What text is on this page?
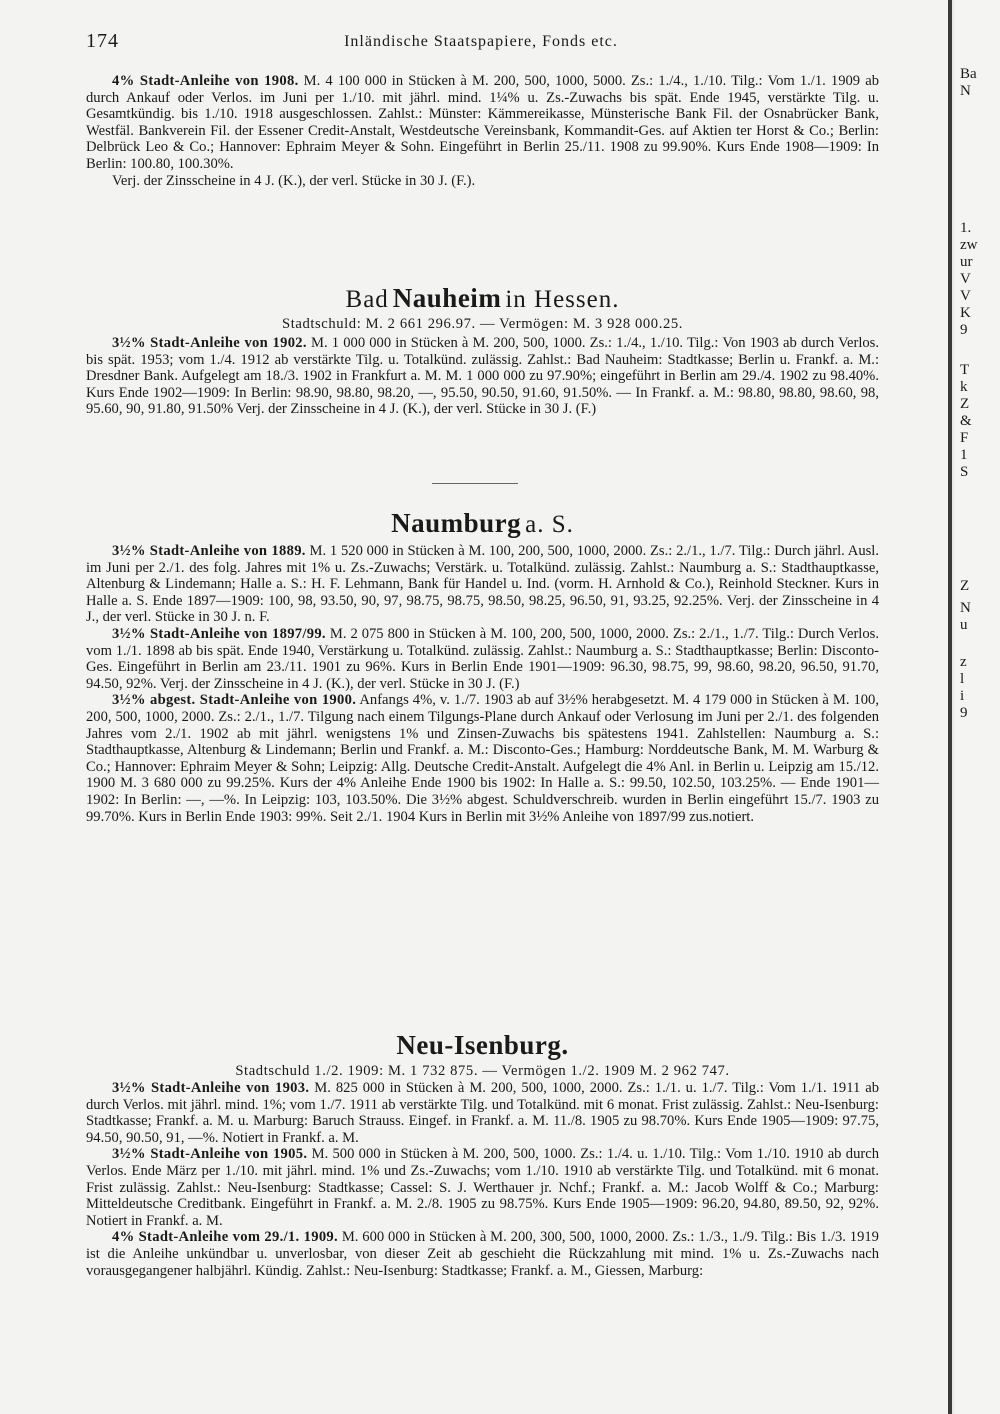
174	Inländische Staatspapiere, Fonds etc.

4% Stadt-Anleihe von 1908. M. 4 100 000 in Stücken à M. 200, 500, 1000, 5000. Zs.: 1./4., 1./10. Tilg.: Vom 1./1. 1909 ab durch Ankauf oder Verlos. im Juni per 1./10. mit jährl. mind. 1¼% u. Zs.-Zuwachs bis spät. Ende 1945, verstärkte Tilg. u. Gesamtkündig. bis 1./10. 1918 ausgeschlossen. Zahlst.: Münster: Kämmereikasse, Münsterische Bank Fil. der Osnabrücker Bank, Westfäl. Bankverein Fil. der Essener Credit-Anstalt, Westdeutsche Vereinsbank, Kommandit-Ges. auf Aktien ter Horst & Co.; Berlin: Delbrück Leo & Co.; Hannover: Ephraim Meyer & Sohn. Eingeführt in Berlin 25./11. 1908 zu 99.90%. Kurs Ende 1908—1909: In Berlin: 100.80, 100.30%.

Verj. der Zinsscheine in 4 J. (K.), der verl. Stücke in 30 J. (F.).

Bad Nauheim in Hessen.
Stadtschuld: M. 2 661 296.97. — Vermögen: M. 3 928 000.25.

3½% Stadt-Anleihe von 1902. M. 1 000 000 in Stücken à M. 200, 500, 1000. Zs.: 1./4., 1./10. Tilg.: Von 1903 ab durch Verlos. bis spät. 1953; vom 1./4. 1912 ab verstärkte Tilg. u. Totalkünd. zulässig. Zahlst.: Bad Nauheim: Stadtkasse; Berlin u. Frankf. a. M.: Dresdner Bank. Aufgelegt am 18./3. 1902 in Frankfurt a. M. M. 1 000 000 zu 97.90%; eingeführt in Berlin am 29./4. 1902 zu 98.40%. Kurs Ende 1902—1909: In Berlin: 98.90, 98.80, 98.20, —, 95.50, 90.50, 91.60, 91.50%. — In Frankf. a. M.: 98.80, 98.80, 98.60, 98, 95.60, 90, 91.80, 91.50% Verj. der Zinsscheine in 4 J. (K.), der verl. Stücke in 30 J. (F.)

Naumburg a. S.

3½% Stadt-Anleihe von 1889. M. 1 520 000 in Stücken à M. 100, 200, 500, 1000, 2000. Zs.: 2./1., 1./7. Tilg.: Durch jährl. Ausl. im Juni per 2./1. des folg. Jahres mit 1% u. Zs.-Zuwachs; Verstärk. u. Totalkünd. zulässig. Zahlst.: Naumburg a. S.: Stadthauptkasse, Altenburg & Lindemann; Halle a. S.: H. F. Lehmann, Bank für Handel u. Ind. (vorm. H. Arnhold & Co.), Reinhold Steckner. Kurs in Halle a. S. Ende 1897—1909: 100, 98, 93.50, 90, 97, 98.75, 98.75, 98.50, 98.25, 96.50, 91, 93.25, 92.25%. Verj. der Zinsscheine in 4 J., der verl. Stücke in 30 J. n. F.

3½% Stadt-Anleihe von 1897/99. M. 2 075 800 in Stücken à M. 100, 200, 500, 1000, 2000. Zs.: 2./1., 1./7. Tilg.: Durch Verlos. vom 1./1. 1898 ab bis spät. Ende 1940, Verstärkung u. Totalkünd. zulässig. Zahlst.: Naumburg a. S.: Stadthauptkasse; Berlin: Disconto-Ges. Eingeführt in Berlin am 23./11. 1901 zu 96%. Kurs in Berlin Ende 1901—1909: 96.30, 98.75, 99, 98.60, 98.20, 96.50, 91.70, 94.50, 92%. Verj. der Zinsscheine in 4 J. (K.), der verl. Stücke in 30 J. (F.)

3½% abgest. Stadt-Anleihe von 1900. Anfangs 4%, v. 1./7. 1903 ab auf 3½% herabgesetzt. M. 4 179 000 in Stücken à M. 100, 200, 500, 1000, 2000. Zs.: 2./1., 1./7. Tilgung nach einem Tilgungs-Plane durch Ankauf oder Verlosung im Juni per 2./1. des folgenden Jahres vom 2./1. 1902 ab mit jährl. wenigstens 1% und Zinsen-Zuwachs bis spätestens 1941. Zahlstellen: Naumburg a. S.: Stadthauptkasse, Altenburg & Lindemann; Berlin und Frankf. a. M.: Disconto-Ges.; Hamburg: Norddeutsche Bank, M. M. Warburg & Co.; Hannover: Ephraim Meyer & Sohn; Leipzig: Allg. Deutsche Credit-Anstalt. Aufgelegt die 4% Anl. in Berlin u. Leipzig am 15./12. 1900 M. 3 680 000 zu 99.25%. Kurs der 4% Anleihe Ende 1900 bis 1902: In Halle a. S.: 99.50, 102.50, 103.25%. — Ende 1901—1902: In Berlin: —, —%. In Leipzig: 103, 103.50%. Die 3½% abgest. Schuldverschreib. wurden in Berlin eingeführt 15./7. 1903 zu 99.70%. Kurs in Berlin Ende 1903: 99%. Seit 2./1. 1904 Kurs in Berlin mit 3½% Anleihe von 1897/99 zus.notiert.

Neu-Isenburg.
Stadtschuld 1./2. 1909: M. 1 732 875. — Vermögen 1./2. 1909 M. 2 962 747.

3½% Stadt-Anleihe von 1903. M. 825 000 in Stücken à M. 200, 500, 1000, 2000. Zs.: 1./1. u. 1./7. Tilg.: Vom 1./1. 1911 ab durch Verlos. mit jährl. mind. 1%; vom 1./7. 1911 ab verstärkte Tilg. und Totalkünd. mit 6 monat. Frist zulässig. Zahlst.: Neu-Isenburg: Stadtkasse; Frankf. a. M. u. Marburg: Baruch Strauss. Eingef. in Frankf. a. M. 11./8. 1905 zu 98.70%. Kurs Ende 1905—1909: 97.75, 94.50, 90.50, 91, —%. Notiert in Frankf. a. M.

3½% Stadt-Anleihe von 1905. M. 500 000 in Stücken à M. 200, 500, 1000. Zs.: 1./4. u. 1./10. Tilg.: Vom 1./10. 1910 ab durch Verlos. Ende März per 1./10. mit jährl. mind. 1% und Zs.-Zuwachs; vom 1./10. 1910 ab verstärkte Tilg. und Totalkünd. mit 6 monat. Frist zulässig. Zahlst.: Neu-Isenburg: Stadtkasse; Cassel: S. J. Werthauer jr. Nchf.; Frankf. a. M.: Jacob Wolff & Co.; Marburg: Mitteldeutsche Creditbank. Eingeführt in Frankf. a. M. 2./8. 1905 zu 98.75%. Kurs Ende 1905—1909: 96.20, 94.80, 89.50, 92, 92%. Notiert in Frankf. a. M.

4% Stadt-Anleihe vom 29./1. 1909. M. 600 000 in Stücken à M. 200, 300, 500, 1000, 2000. Zs.: 1./3., 1./9. Tilg.: Bis 1./3. 1919 ist die Anleihe unkündbar u. unverlosbar, von dieser Zeit ab geschieht die Rückzahlung mit mind. 1% u. Zs.-Zuwachs nach vorausgegangener halbjährl. Kündig. Zahlst.: Neu-Isenburg: Stadtkasse; Frankf. a. M., Giessen, Marburg:

Ba
N
1.
zw
ur
V
V
K
9
T
k
Z
&
F
1
S
Z
N
u
z
l
i
9
